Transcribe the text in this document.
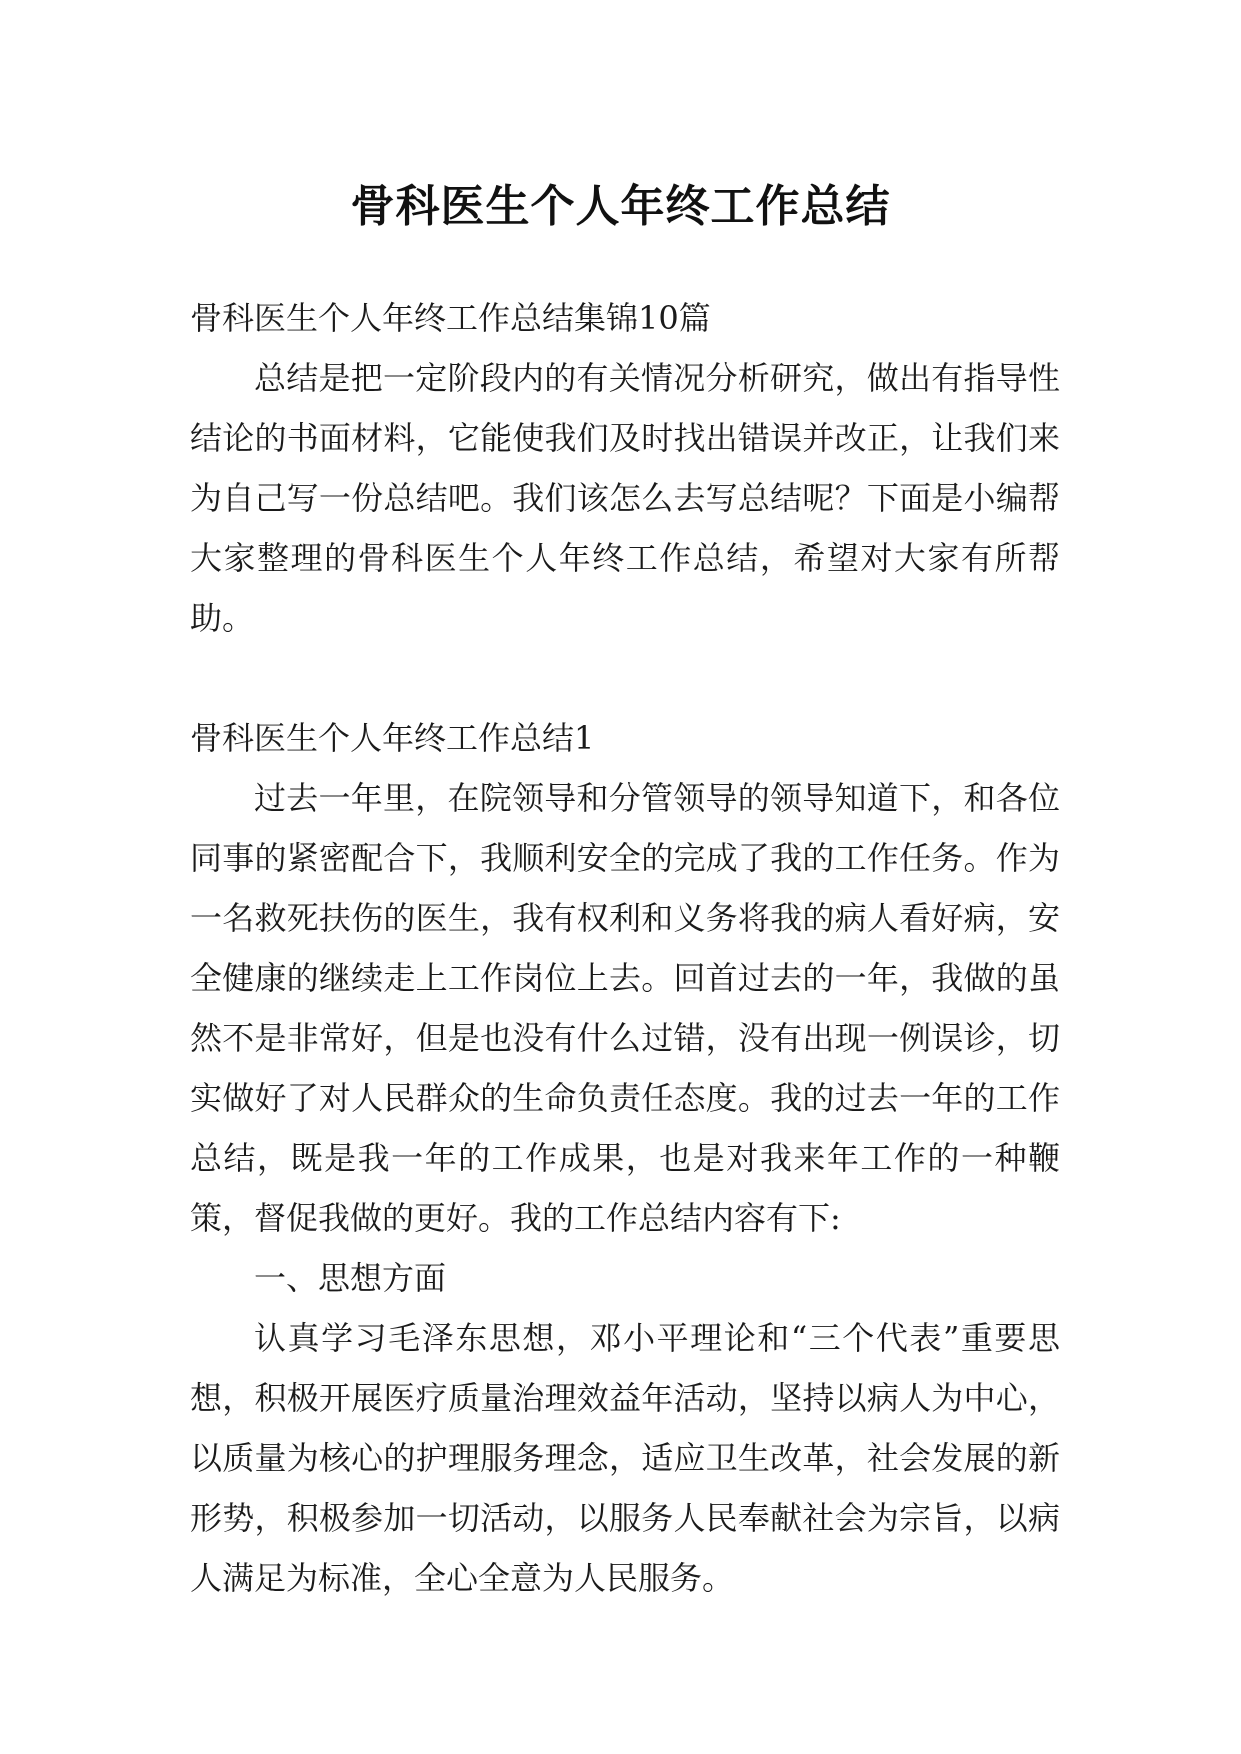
骨科医生个人年终工作总结

骨科医生个人年终工作总结集锦10篇

总结是把一定阶段内的有关情况分析研究，做出有指导性结论的书面材料，它能使我们及时找出错误并改正，让我们来为自己写一份总结吧。我们该怎么去写总结呢？下面是小编帮大家整理的骨科医生个人年终工作总结，希望对大家有所帮助。

骨科医生个人年终工作总结1

过去一年里，在院领导和分管领导的领导知道下，和各位同事的紧密配合下，我顺利安全的完成了我的工作任务。作为一名救死扶伤的医生，我有权利和义务将我的病人看好病，安全健康的继续走上工作岗位上去。回首过去的一年，我做的虽然不是非常好，但是也没有什么过错，没有出现一例误诊，切实做好了对人民群众的生命负责任态度。我的过去一年的工作总结，既是我一年的工作成果，也是对我来年工作的一种鞭策，督促我做的更好。我的工作总结内容有下:

一、思想方面

认真学习毛泽东思想，邓小平理论和“三个代表”重要思想，积极开展医疗质量治理效益年活动，坚持以病人为中心，以质量为核心的护理服务理念，适应卫生改革，社会发展的新形势，积极参加一切活动，以服务人民奉献社会为宗旨，以病人满足为标准，全心全意为人民服务。
